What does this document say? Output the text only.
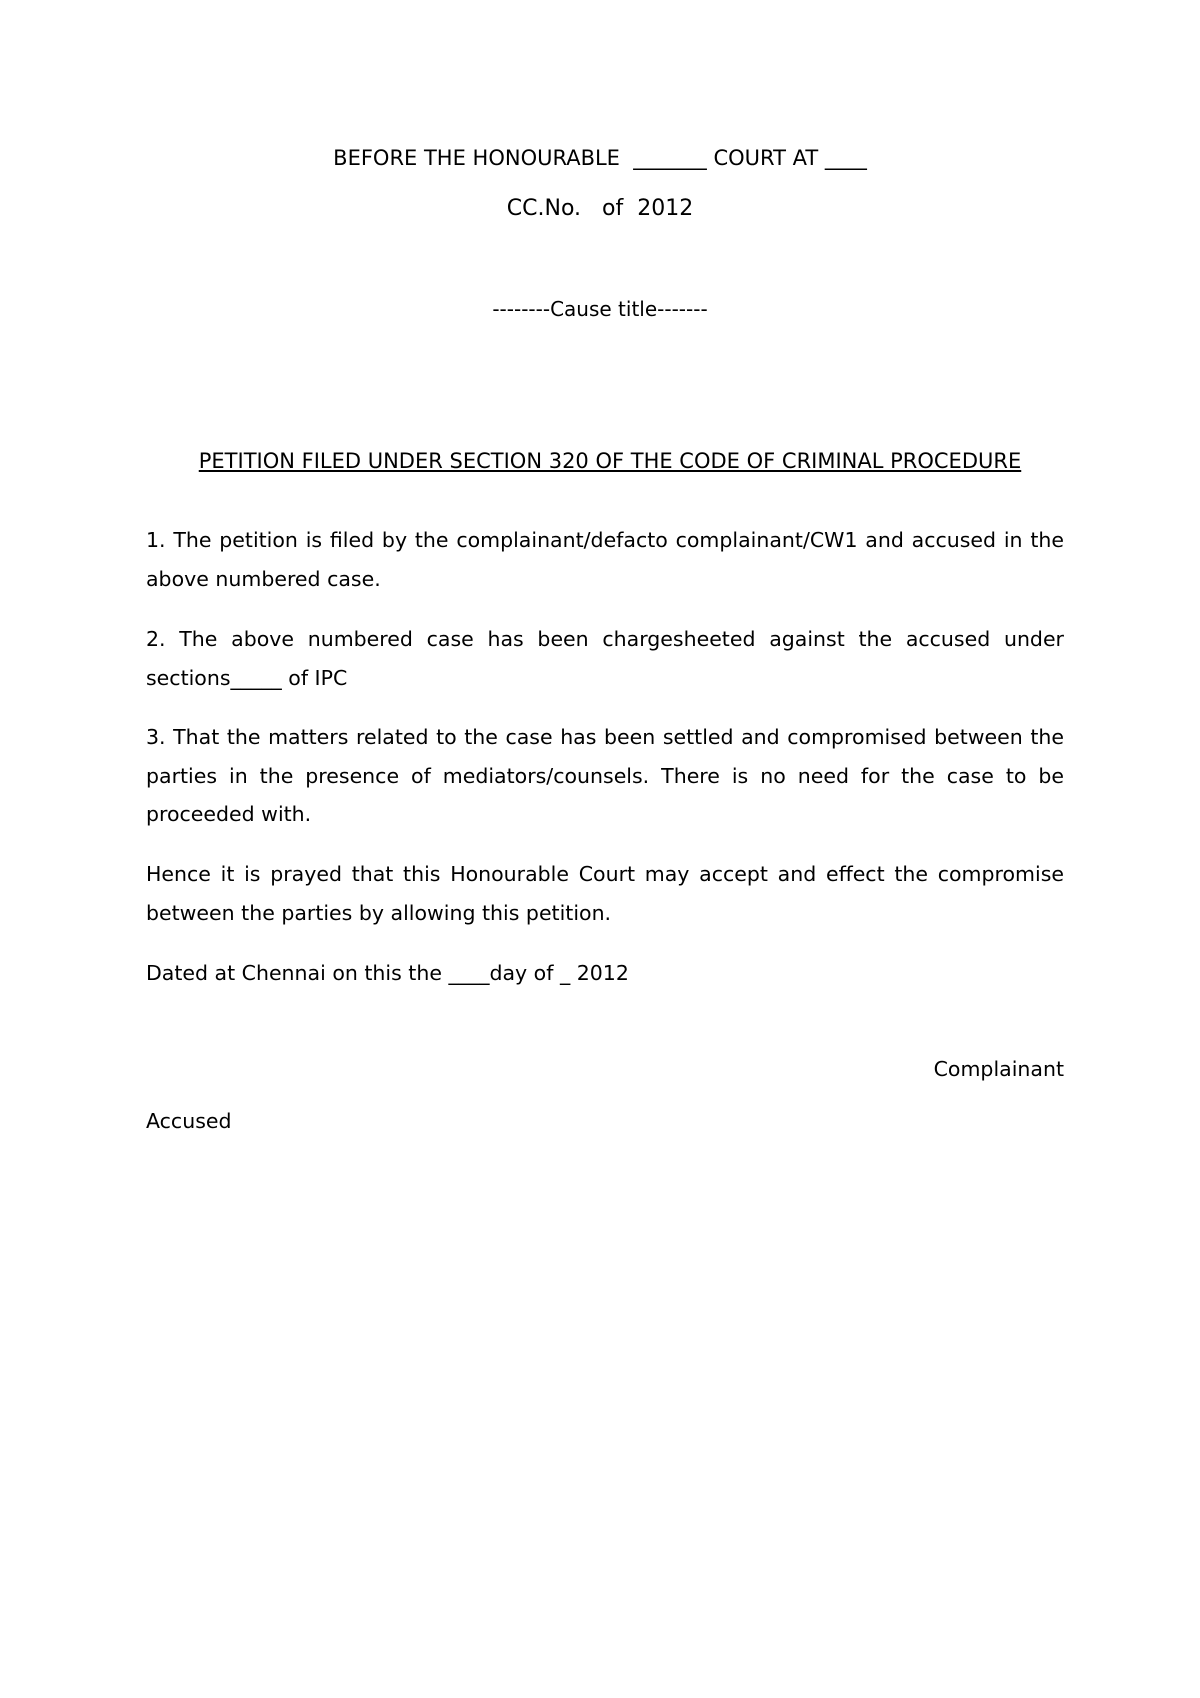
BEFORE THE HONOURABLE  _______ COURT AT ____
CC.No.   of  2012
--------Cause title-------
PETITION FILED UNDER SECTION 320 OF THE CODE OF CRIMINAL PROCEDURE
1. The petition is filed by the complainant/defacto complainant/CW1 and accused in the above numbered case.
2. The above numbered case has been chargesheeted against the accused under sections_____ of IPC
3. That the matters related to the case has been settled and compromised between the parties in the presence of mediators/counsels. There is no need for the case to be proceeded with.
Hence it is prayed that this Honourable Court may accept and effect the compromise between the parties by allowing this petition.
Dated at Chennai on this the ____day of _ 2012
Complainant
Accused
